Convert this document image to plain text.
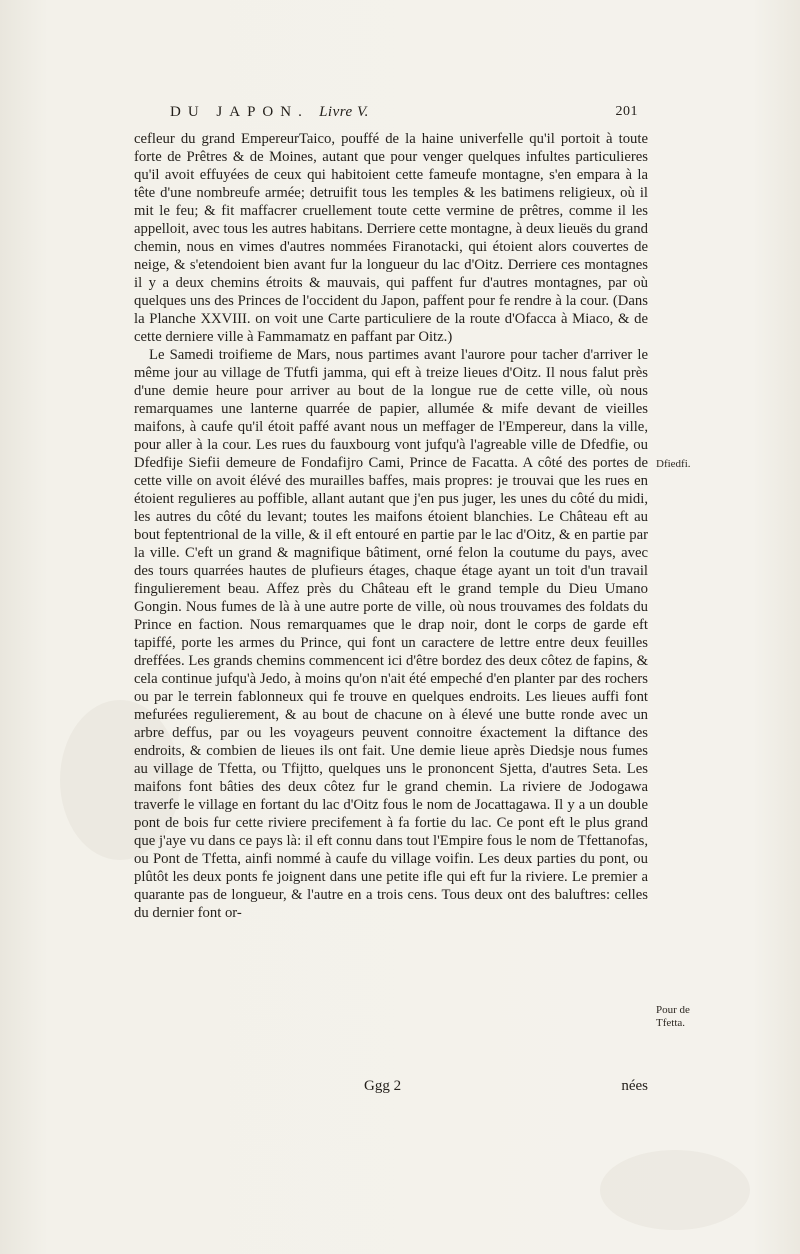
DU JAPON. Livre V.	201

cefleur du grand EmpereurTaico, pouffé de la haine univerfelle qu'il portoit à toute forte de Prêtres & de Moines, autant que pour venger quelques infultes particulieres qu'il avoit effuyées de ceux qui habitoient cette fameufe montagne, s'en empara à la tête d'une nombreufe armée; detruifit tous les temples & les batimens religieux, où il mit le feu; & fit maffacrer cruellement toute cette vermine de prêtres, comme il les appelloit, avec tous les autres habitans. Derriere cette montagne, à deux lieuës du grand chemin, nous en vimes d'autres nommées Firanotacki, qui étoient alors couvertes de neige, & s'etendoient bien avant fur la longueur du lac d'Oitz. Derriere ces montagnes il y a deux chemins étroits & mauvais, qui paffent fur d'autres montagnes, par où quelques uns des Princes de l'occident du Japon, paffent pour fe rendre à la cour. (Dans la Planche XXVIII. on voit une Carte particuliere de la route d'Ofacca à Miaco, & de cette derniere ville à Fammamatz en paffant par Oitz.)

Le Samedi troifieme de Mars, nous partimes avant l'aurore pour tacher d'arriver le même jour au village de Tfutfi jamma, qui eft à treize lieues d'Oitz. Il nous falut près d'une demie heure pour arriver au bout de la longue rue de cette ville, où nous remarquames une lanterne quarrée de papier, allumée & mife devant de vieilles maifons, à caufe qu'il étoit paffé avant nous un meffager de l'Empereur, dans la ville, pour aller à la cour. Les rues du fauxbourg vont jufqu'à l'agreable ville de Dfedfie, ou Dfedfije Siefii demeure de Fondafijro Cami, Prince de Facatta. A côté des portes de cette ville on avoit élévé des murailles baffes, mais propres: je trouvai que les rues en étoient regulieres au poffible, allant autant que j'en pus juger, les unes du côté du midi, les autres du côté du levant; toutes les maifons étoient blanchies. Le Château eft au bout feptentrional de la ville, & il eft entouré en partie par le lac d'Oitz, & en partie par la ville. C'eft un grand & magnifique bâtiment, orné felon la coutume du pays, avec des tours quarrées hautes de plufieurs étages, chaque étage ayant un toit d'un travail fingulierement beau. Affez près du Château eft le grand temple du Dieu Umano Gongin. Nous fumes de là à une autre porte de ville, où nous trouvames des foldats du Prince en faction. Nous remarquames que le drap noir, dont le corps de garde eft tapiffé, porte les armes du Prince, qui font un caractere de lettre entre deux feuilles dreffées. Les grands chemins commencent ici d'être bordez des deux côtez de fapins, & cela continue jufqu'à Jedo, à moins qu'on n'ait été empeché d'en planter par des rochers ou par le terrein fablonneux qui fe trouve en quelques endroits. Les lieues auffi font mefurées regulierement, & au bout de chacune on à élevé une butte ronde avec un arbre deffus, par ou les voyageurs peuvent connoitre éxactement la diftance des endroits, & combien de lieues ils ont fait. Une demie lieue après Diedsje nous fumes au village de Tfetta, ou Tfijtto, quelques uns le prononcent Sjetta, d'autres Seta. Les maifons font bâties des deux côtez fur le grand chemin. La riviere de Jodogawa traverfe le village en fortant du lac d'Oitz fous le nom de Jocattagawa. Il y a un double pont de bois fur cette riviere precifement à fa fortie du lac. Ce pont eft le plus grand que j'aye vu dans ce pays là: il eft connu dans tout l'Empire fous le nom de Tfettanofas, ou Pont de Tfetta, ainfi nommé à caufe du village voifin. Les deux parties du pont, ou plûtôt les deux ponts fe joignent dans une petite ifle qui eft fur la riviere. Le premier a quarante pas de longueur, & l'autre en a trois cens. Tous deux ont des baluftres: celles du dernier font or-

Dfiedfi.
Pour de Tfetta.
Ggg 2	nées
